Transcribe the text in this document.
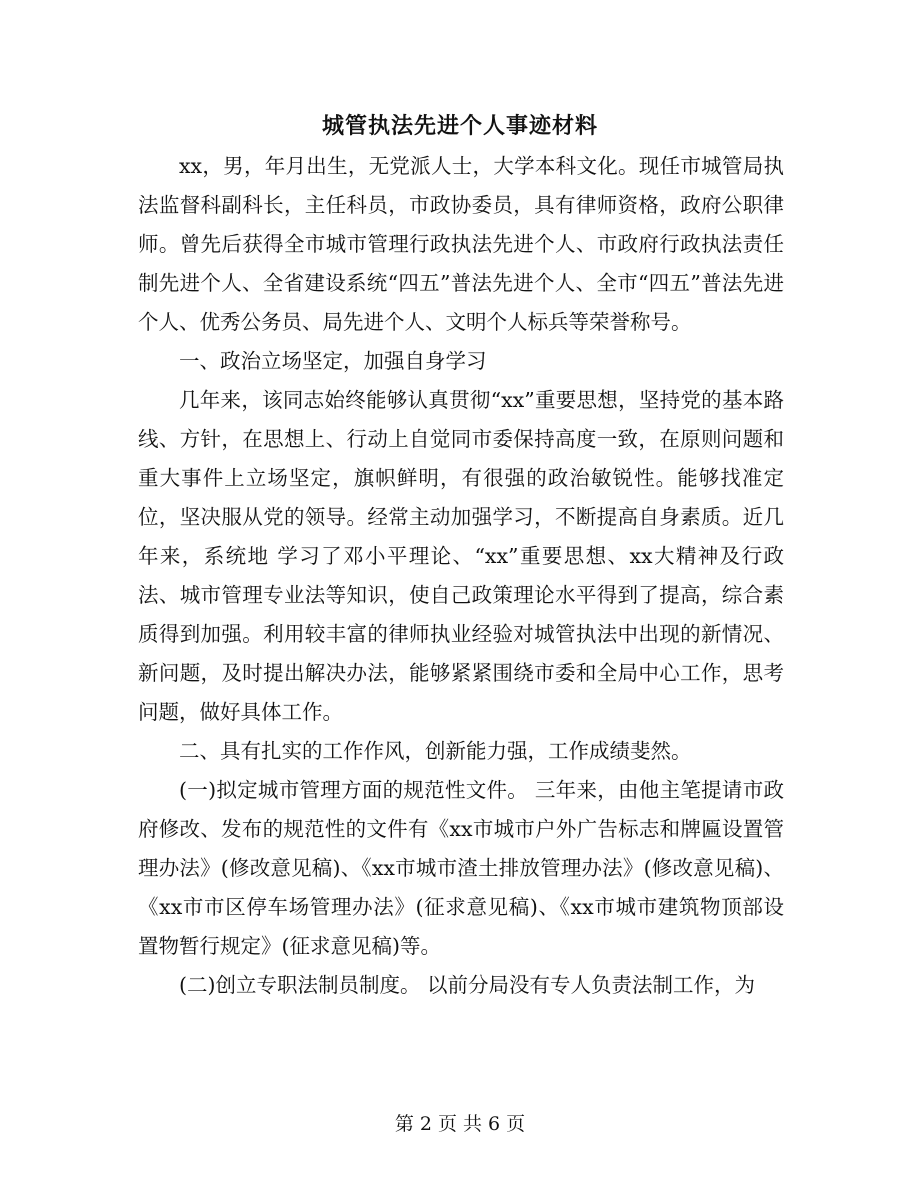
城管执法先进个人事迹材料

xx，男，年月出生，无党派人士，大学本科文化。现任市城管局执法监督科副科长，主任科员，市政协委员，具有律师资格，政府公职律师。曾先后获得全市城市管理行政执法先进个人、市政府行政执法责任制先进个人、全省建设系统“四五”普法先进个人、全市“四五”普法先进个人、优秀公务员、局先进个人、文明个人标兵等荣誉称号。

一、政治立场坚定，加强自身学习

几年来，该同志始终能够认真贯彻“xx”重要思想，坚持党的基本路线、方针，在思想上、行动上自觉同市委保持高度一致，在原则问题和重大事件上立场坚定，旗帜鲜明，有很强的政治敏锐性。能够找准定位，坚决服从党的领导。经常主动加强学习，不断提高自身素质。近几年来，系统地 学习了邓小平理论、“xx”重要思想、xx大精神及行政法、城市管理专业法等知识，使自己政策理论水平得到了提高，综合素质得到加强。利用较丰富的律师执业经验对城管执法中出现的新情况、新问题，及时提出解决办法，能够紧紧围绕市委和全局中心工作，思考问题，做好具体工作。

二、具有扎实的工作作风，创新能力强，工作成绩斐然。

(一)拟定城市管理方面的规范性文件。 三年来，由他主笔提请市政府修改、发布的规范性的文件有《xx市城市户外广告标志和牌匾设置管理办法》(修改意见稿)、《xx市城市渣土排放管理办法》(修改意见稿)、《xx市市区停车场管理办法》(征求意见稿)、《xx市城市建筑物顶部设置物暂行规定》(征求意见稿)等。

(二)创立专职法制员制度。 以前分局没有专人负责法制工作，为

第 2 页 共 6 页
